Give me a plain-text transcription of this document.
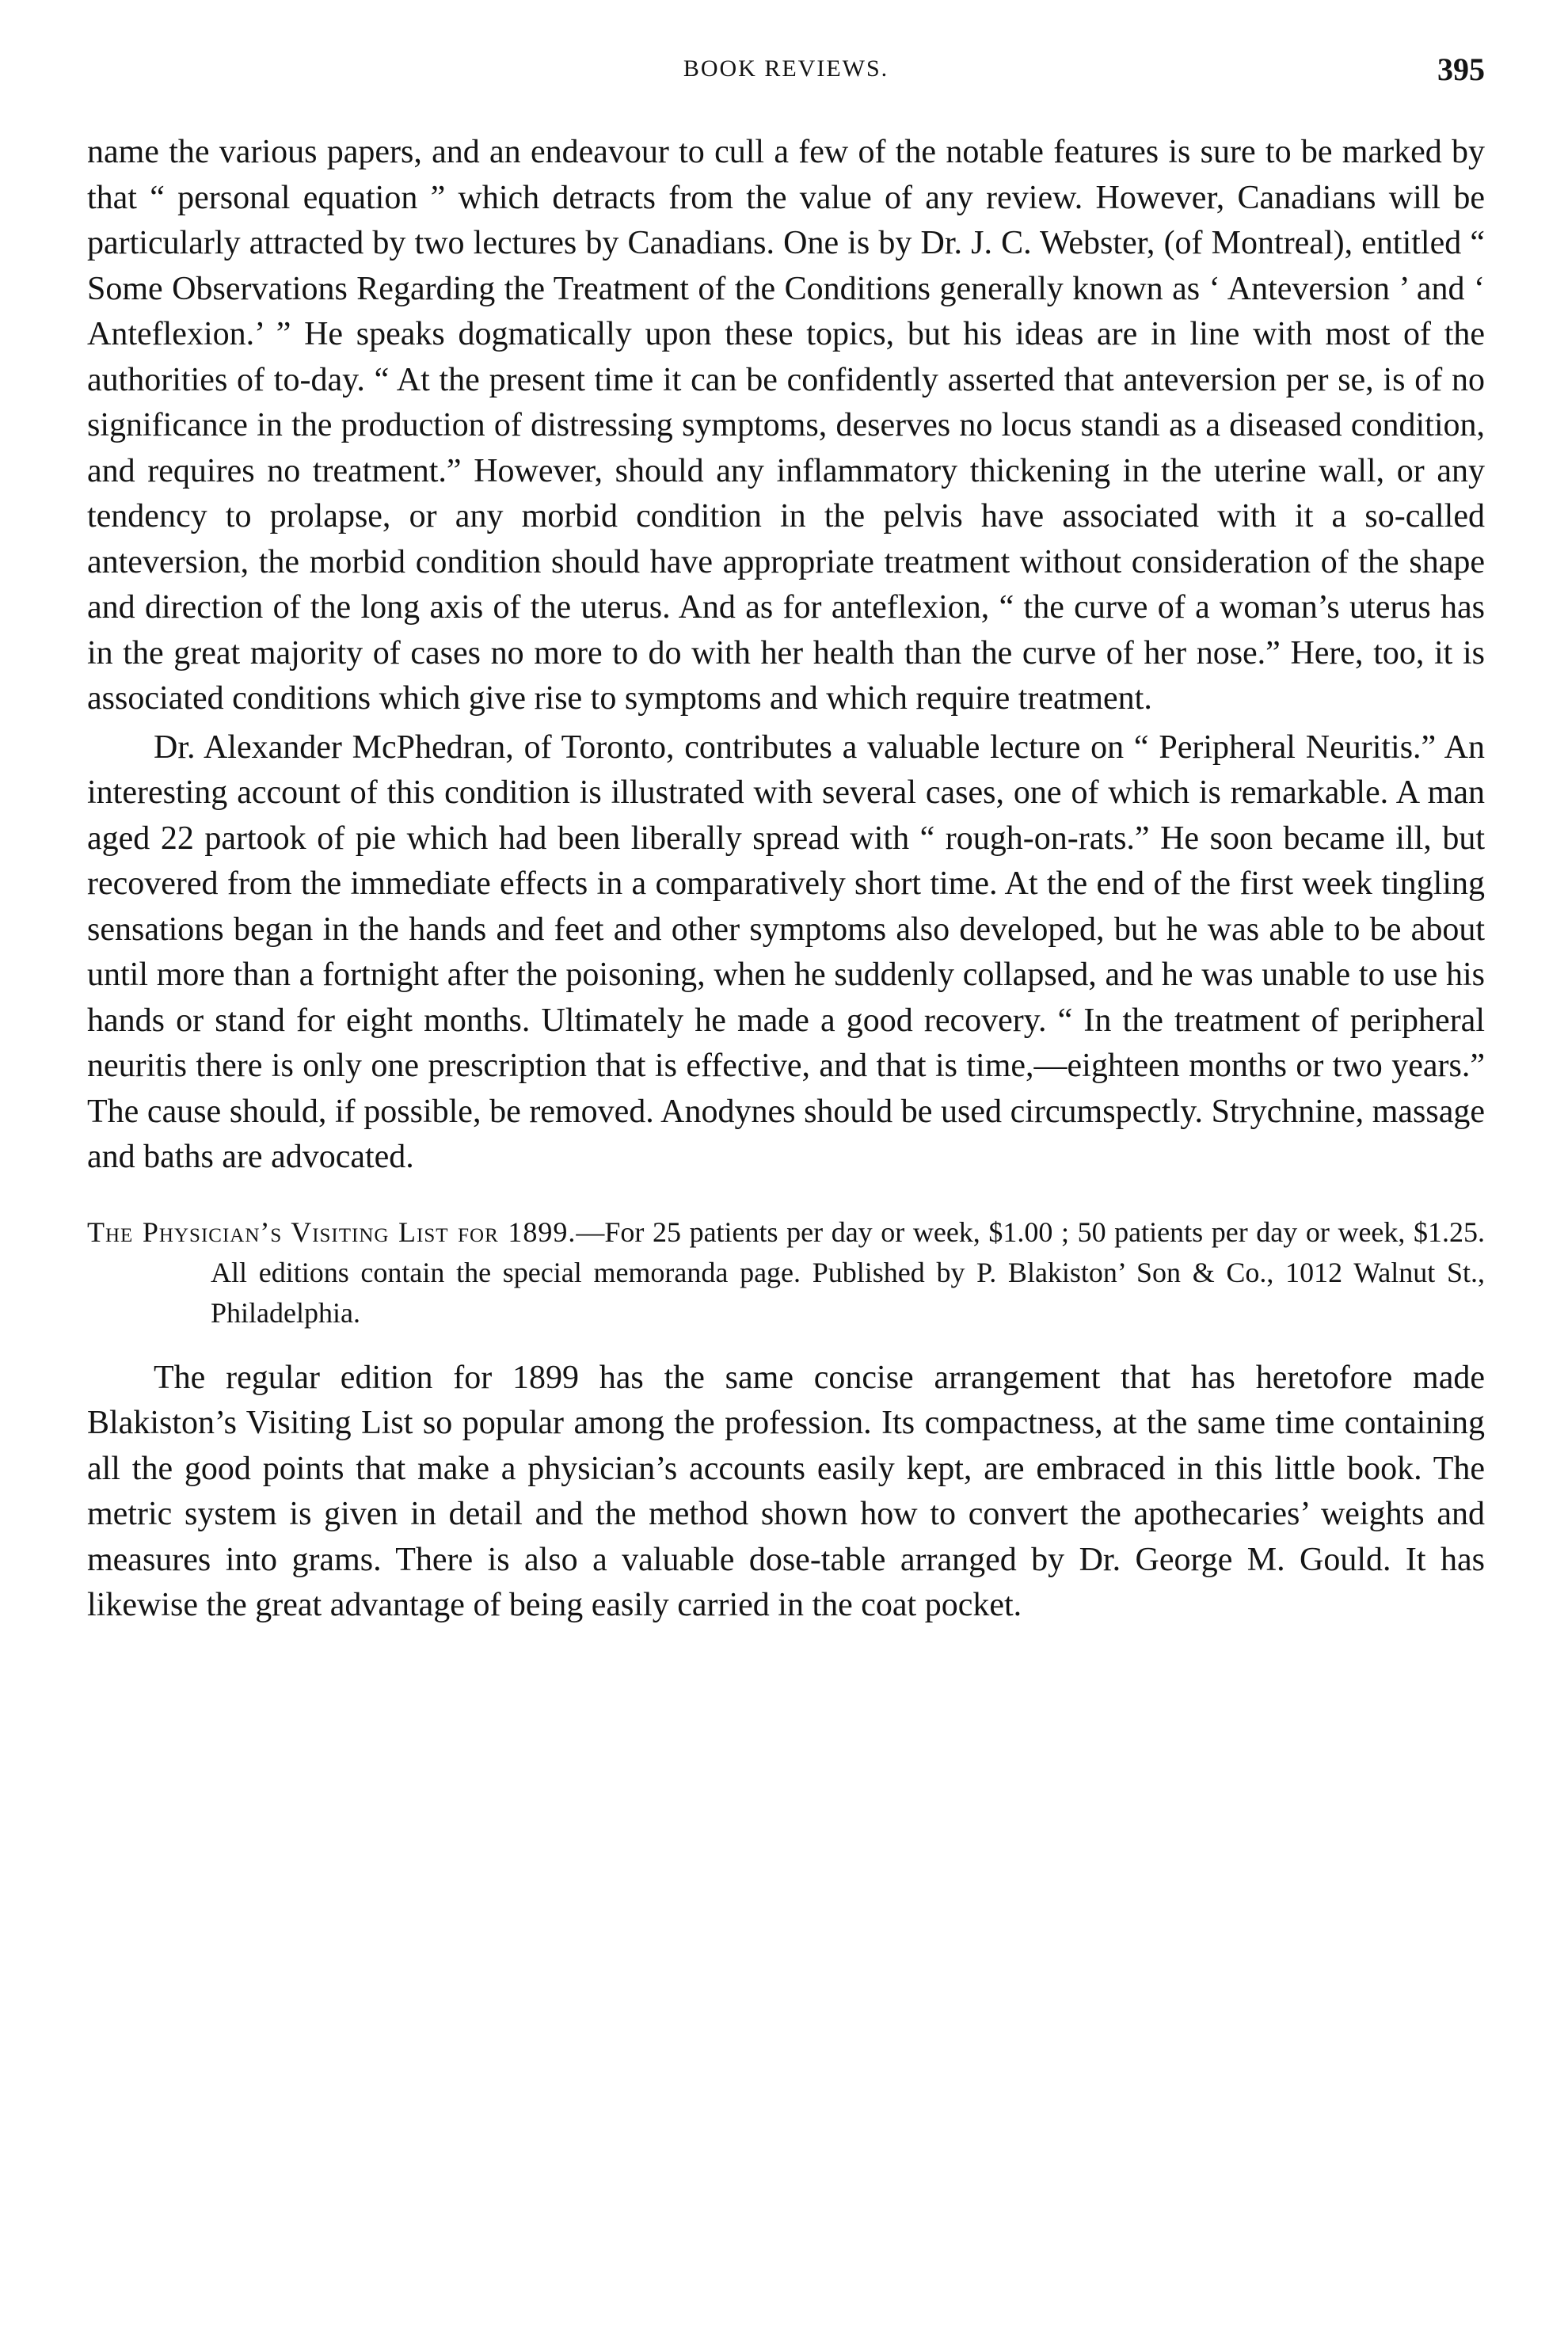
BOOK REVIEWS.	395

name the various papers, and an endeavour to cull a few of the notable features is sure to be marked by that “ personal equation ” which detracts from the value of any review. However, Canadians will be particularly attracted by two lectures by Canadians. One is by Dr. J. C. Webster, (of Montreal), entitled “ Some Observations Regarding the Treatment of the Conditions generally known as ‘ Anteversion ’ and ‘ Anteflexion.’ ” He speaks dogmatically upon these topics, but his ideas are in line with most of the authorities of to-day. “ At the present time it can be confidently asserted that anteversion per se, is of no significance in the production of distressing symptoms, deserves no locus standi as a diseased condition, and requires no treatment.” However, should any inflammatory thickening in the uterine wall, or any tendency to prolapse, or any morbid condition in the pelvis have associated with it a so-called anteversion, the morbid condition should have appropriate treatment without consideration of the shape and direction of the long axis of the uterus. And as for anteflexion, “ the curve of a woman’s uterus has in the great majority of cases no more to do with her health than the curve of her nose.” Here, too, it is associated conditions which give rise to symptoms and which require treatment.

Dr. Alexander McPhedran, of Toronto, contributes a valuable lecture on “ Peripheral Neuritis.” An interesting account of this condition is illustrated with several cases, one of which is remarkable. A man aged 22 partook of pie which had been liberally spread with “ rough-on-rats.” He soon became ill, but recovered from the immediate effects in a comparatively short time. At the end of the first week tingling sensations began in the hands and feet and other symptoms also developed, but he was able to be about until more than a fortnight after the poisoning, when he suddenly collapsed, and he was unable to use his hands or stand for eight months. Ultimately he made a good recovery. “ In the treatment of peripheral neuritis there is only one prescription that is effective, and that is time,—eighteen months or two years.” The cause should, if possible, be removed. Anodynes should be used circumspectly. Strychnine, massage and baths are advocated.

The Physician’s Visiting List for 1899.—For 25 patients per day or week, $1.00 ; 50 patients per day or week, $1.25. All editions contain the special memoranda page. Published by P. Blakiston’ Son & Co., 1012 Walnut St., Philadelphia.

The regular edition for 1899 has the same concise arrangement that has heretofore made Blakiston’s Visiting List so popular among the profession. Its compactness, at the same time containing all the good points that make a physician’s accounts easily kept, are embraced in this little book. The metric system is given in detail and the method shown how to convert the apothecaries’ weights and measures into grams. There is also a valuable dose-table arranged by Dr. George M. Gould. It has likewise the great advantage of being easily carried in the coat pocket.
